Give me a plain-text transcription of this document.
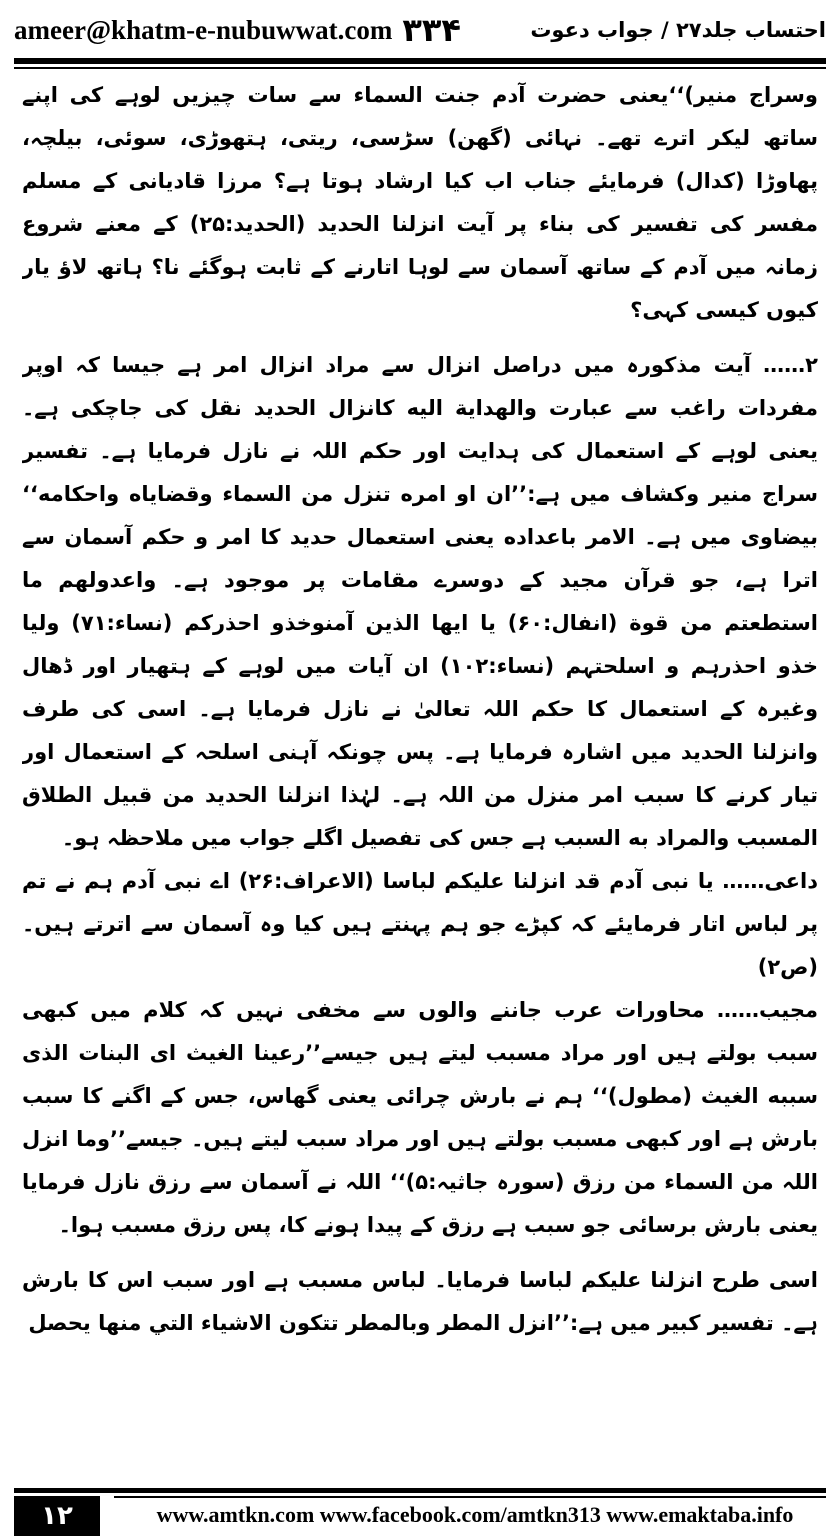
ameer@khatm-e-nubuwwat.com ۳۳۴	احتساب جلد۲۷ / جواب دعوت

وسراج منیر)‘‘یعنی حضرت آدم جنت السماء سے سات چیزیں لوہے کی اپنے ساتھ لیکر اترے تھے۔ نہائی (گھن) سڑسی، ریتی، ہتھوڑی، سوئی، بیلچہ، پھاوڑا (کدال) فرمایئے جناب اب کیا ارشاد ہوتا ہے؟ مرزا قادیانی کے مسلم مفسر کی تفسیر کی بناء پر آیت انزلنا الحدید (الحدید:۲۵) کے معنے شروع زمانہ میں آدم کے ساتھ آسمان سے لوہا اتارنے کے ثابت ہوگئے نا؟ ہاتھ لاؤ یار کیوں کیسی کہی؟

۲…… آیت مذکورہ میں دراصل انزال سے مراد انزال امر ہے جیسا کہ اوپر مفردات راغب سے عبارت والهداية اليه كانزال الحديد نقل کی جاچکی ہے۔ یعنی لوہے کے استعمال کی ہدایت اور حکم اللہ نے نازل فرمایا ہے۔ تفسیر سراج منیر وکشاف میں ہے:’’ان او امره تنزل من السماء وقضاياه واحكامه‘‘ بیضاوی میں ہے۔ الامر باعداده یعنی استعمال حدید کا امر و حکم آسمان سے اترا ہے، جو قرآن مجید کے دوسرے مقامات پر موجود ہے۔ واعدولهم ما استطعتم من قوة (انفال:۶۰) یا ایها الذین آمنوخذو احذرکم (نساء:۷۱) ولیا خذو احذرہم و اسلحتہم (نساء:۱۰۲) ان آیات میں لوہے کے ہتھیار اور ڈھال وغیرہ کے استعمال کا حکم اللہ تعالیٰ نے نازل فرمایا ہے۔ اسی کی طرف وانزلنا الحدید میں اشارہ فرمایا ہے۔ پس چونکہ آہنی اسلحہ کے استعمال اور تیار کرنے کا سبب امر منزل من اللہ ہے۔ لہٰذا انزلنا الحدید من قبیل الطلاق المسبب والمراد به السبب ہے جس کی تفصیل اگلے جواب میں ملاحظہ ہو۔

داعی…… یا نبی آدم قد انزلنا علیکم لباسا (الاعراف:۲۶) اے نبی آدم ہم نے تم پر لباس اتار فرمایئے کہ کپڑے جو ہم پہنتے ہیں کیا وہ آسمان سے اترتے ہیں۔ (ص۲)

مجیب…… محاورات عرب جاننے والوں سے مخفی نہیں کہ کلام میں کبھی سبب بولتے ہیں اور مراد مسبب لیتے ہیں جیسے’’رعینا الغیث ای البنات الذی سببه الغیث (مطول)‘‘ ہم نے بارش چرائی یعنی گھاس، جس کے اگنے کا سبب بارش ہے اور کبھی مسبب بولتے ہیں اور مراد سبب لیتے ہیں۔ جیسے’’وما انزل اللہ من السماء من رزق (سورہ جاثیہ:۵)‘‘ اللہ نے آسمان سے رزق نازل فرمایا یعنی بارش برسائی جو سبب ہے رزق کے پیدا ہونے کا، پس رزق مسبب ہوا۔

اسی طرح انزلنا علیکم لباسا فرمایا۔ لباس مسبب ہے اور سبب اس کا بارش ہے۔ تفسیر کبیر میں ہے:’’انزل المطر وبالمطر تتكون الاشياء التي منها يحصل

۱۲	www.amtkn.com www.facebook.com/amtkn313 www.emaktaba.info
